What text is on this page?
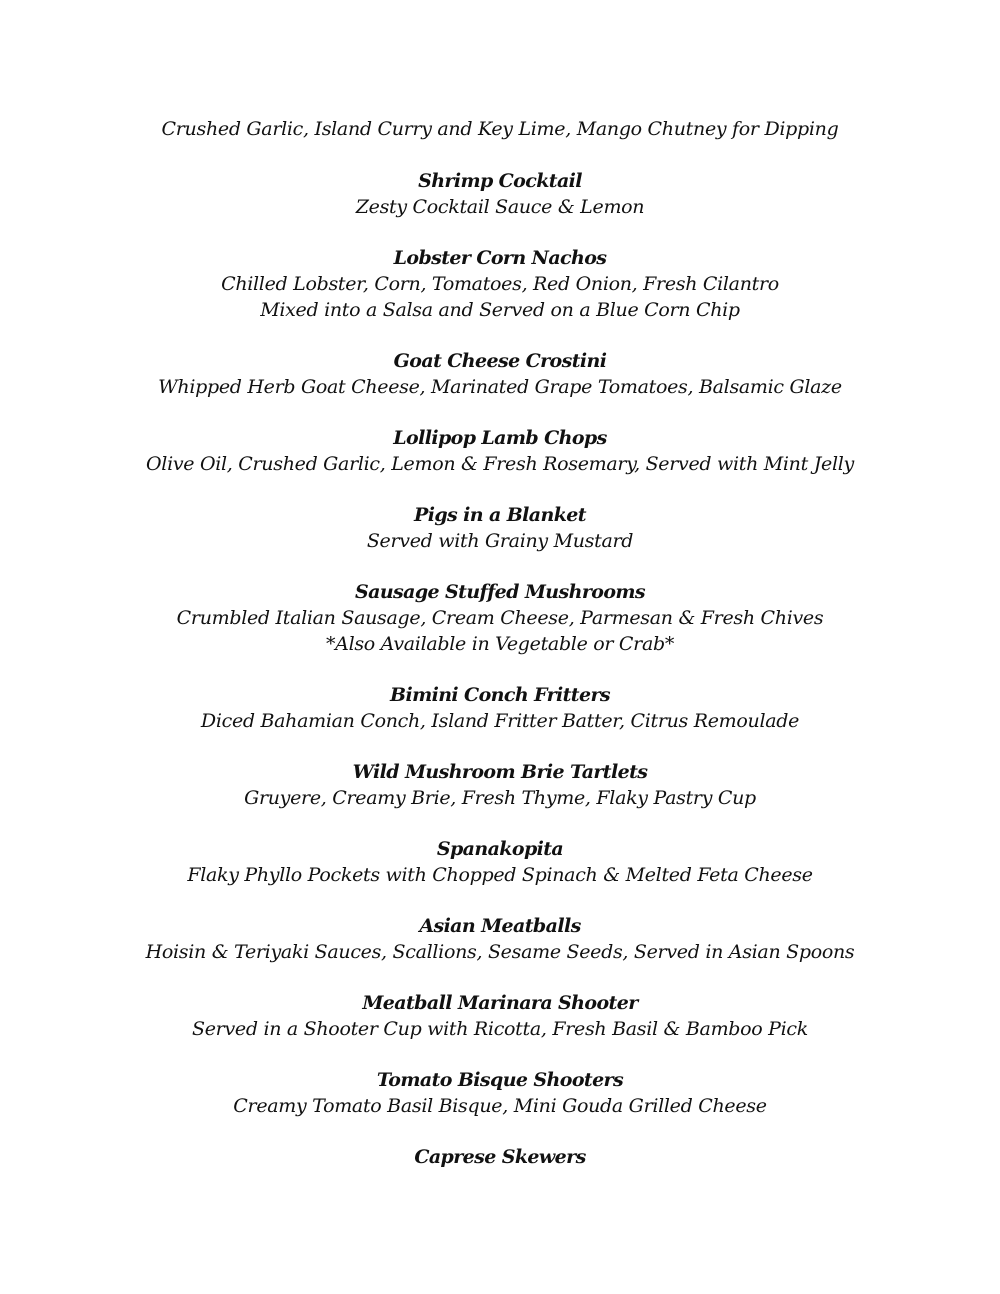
Crushed Garlic, Island Curry and Key Lime, Mango Chutney for Dipping
Shrimp Cocktail
Zesty Cocktail Sauce & Lemon
Lobster Corn Nachos
Chilled Lobster, Corn, Tomatoes, Red Onion, Fresh Cilantro
Mixed into a Salsa and Served on a Blue Corn Chip
Goat Cheese Crostini
Whipped Herb Goat Cheese, Marinated Grape Tomatoes, Balsamic Glaze
Lollipop Lamb Chops
Olive Oil, Crushed Garlic, Lemon & Fresh Rosemary, Served with Mint Jelly
Pigs in a Blanket
Served with Grainy Mustard
Sausage Stuffed Mushrooms
Crumbled Italian Sausage, Cream Cheese, Parmesan & Fresh Chives
*Also Available in Vegetable or Crab*
Bimini Conch Fritters
Diced Bahamian Conch, Island Fritter Batter, Citrus Remoulade
Wild Mushroom Brie Tartlets
Gruyere, Creamy Brie, Fresh Thyme, Flaky Pastry Cup
Spanakopita
Flaky Phyllo Pockets with Chopped Spinach & Melted Feta Cheese
Asian Meatballs
Hoisin & Teriyaki Sauces, Scallions, Sesame Seeds, Served in Asian Spoons
Meatball Marinara Shooter
Served in a Shooter Cup with Ricotta, Fresh Basil & Bamboo Pick
Tomato Bisque Shooters
Creamy Tomato Basil Bisque, Mini Gouda Grilled Cheese
Caprese Skewers
